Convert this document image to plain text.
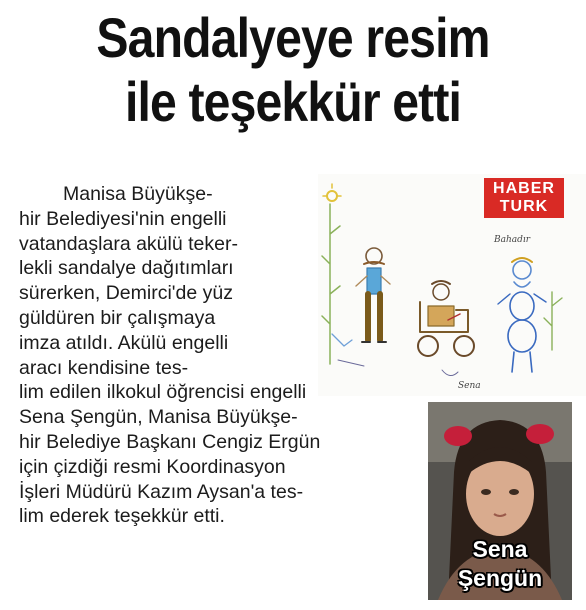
Sandalyeye resim
ile teşekkür etti
Manisa Büyükşe-
hir Belediyesi'nin engelli
vatandaşlara akülü teker-
lekli sandalye dağıtımları
sürerken, Demirci'de yüz
güldüren bir çalışmaya
imza atıldı. Akülü engelli
aracı kendisine tes-
lim edilen ilkokul öğrencisi engelli
Sena Şengün, Manisa Büyükşe-
hir Belediye Başkanı Cengiz Ergün
için çizdiği resmi Koordinasyon
İşleri Müdürü Kazım Aysan'a tes-
lim ederek teşekkür etti.
Bahadır
Sena
HABER
TURK
Sena
Şengün
